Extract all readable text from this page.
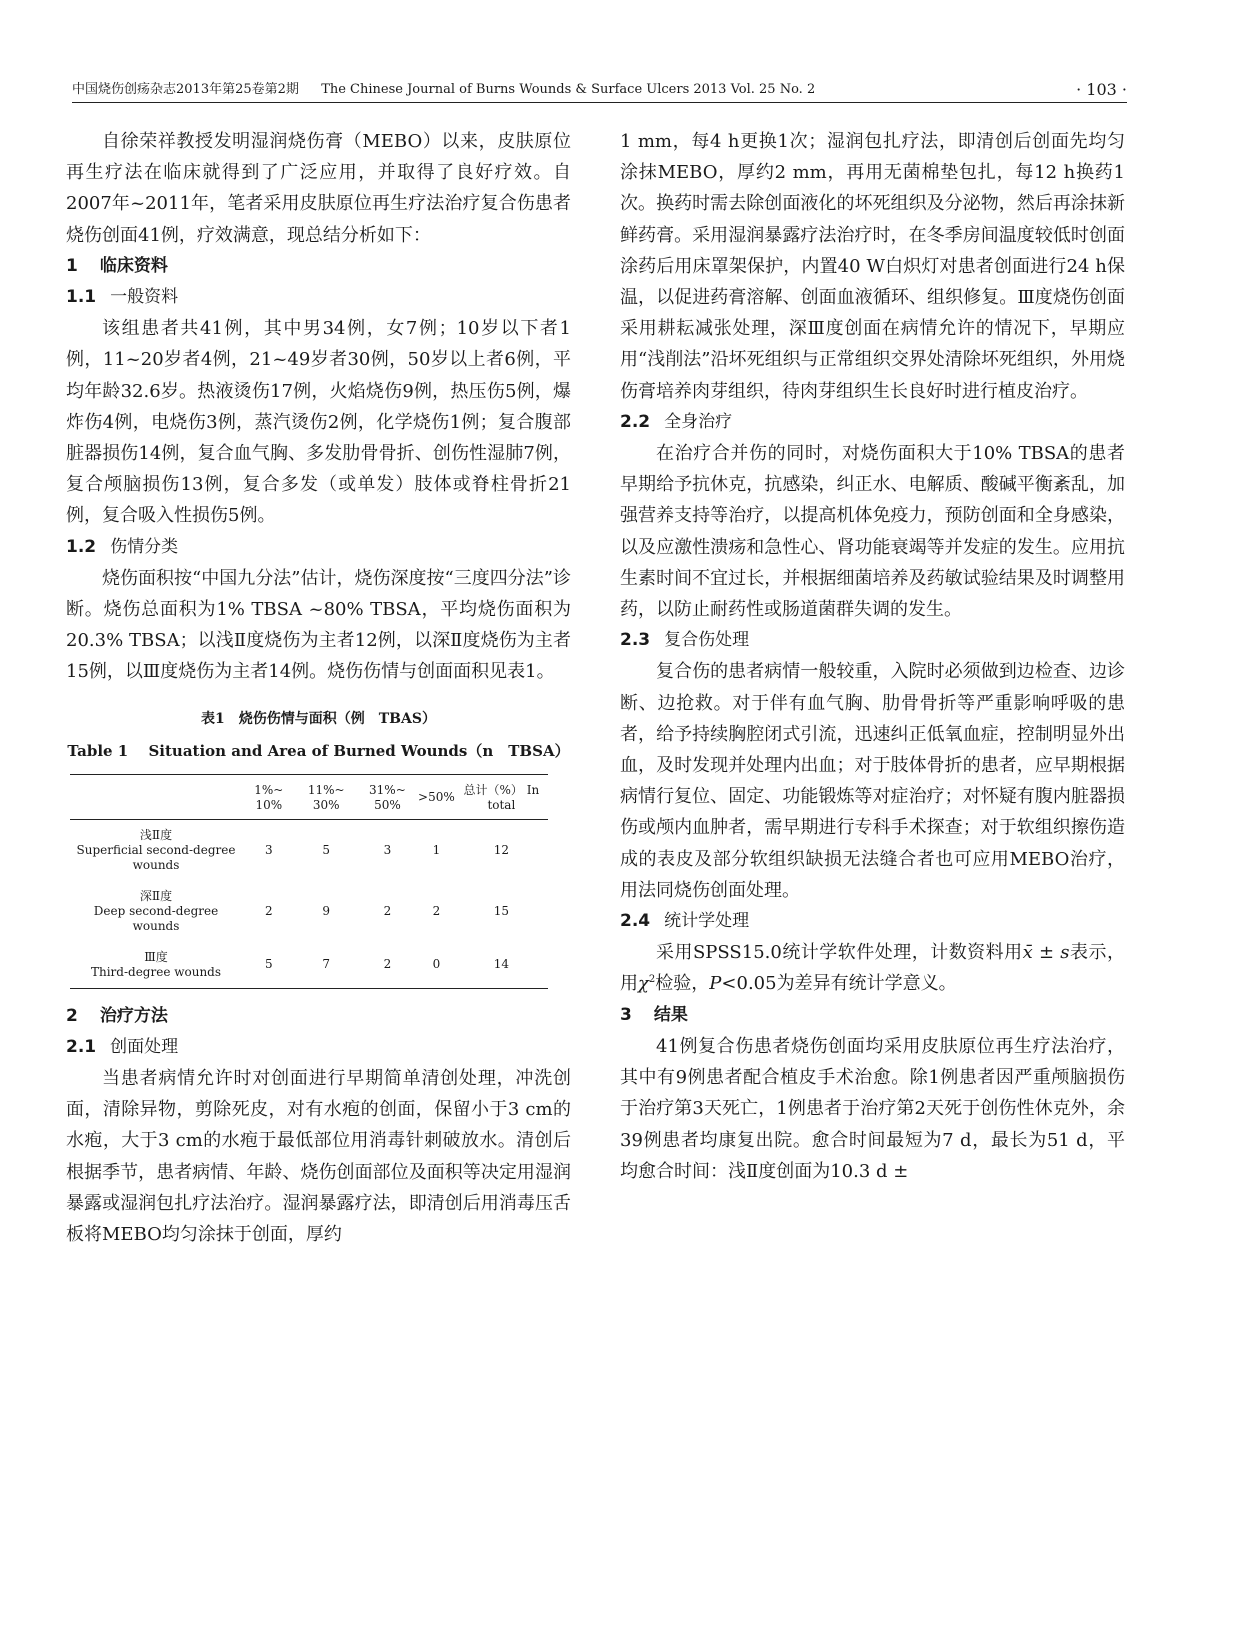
中国烧伤创疡杂志2013年第25卷第2期 The Chinese Journal of Burns Wounds & Surface Ulcers 2013 Vol. 25 No. 2	· 103 ·

自徐荣祥教授发明湿润烧伤膏（MEBO）以来，皮肤原位再生疗法在临床就得到了广泛应用，并取得了良好疗效。自2007年~2011年，笔者采用皮肤原位再生疗法治疗复合伤患者烧伤创面41例，疗效满意，现总结分析如下：

1 临床资料
1.1 一般资料

该组患者共41例，其中男34例，女7例；10岁以下者1例，11~20岁者4例，21~49岁者30例，50岁以上者6例，平均年龄32.6岁。热液烫伤17例，火焰烧伤9例，热压伤5例，爆炸伤4例，电烧伤3例，蒸汽烫伤2例，化学烧伤1例；复合腹部脏器损伤14例，复合血气胸、多发肋骨骨折、创伤性湿肺7例，复合颅脑损伤13例，复合多发（或单发）肢体或脊柱骨折21例，复合吸入性损伤5例。

1.2 伤情分类

烧伤面积按“中国九分法”估计，烧伤深度按“三度四分法”诊断。烧伤总面积为1% TBSA ~80% TBSA，平均烧伤面积为20.3% TBSA；以浅Ⅱ度烧伤为主者12例，以深Ⅱ度烧伤为主者15例，以Ⅲ度烧伤为主者14例。烧伤伤情与创面面积见表1。

表1　烧伤伤情与面积（例　TBAS）
Table 1　 Situation and Area of Burned Wounds（n　TBSA）
	1%~ 10%	11%~ 30%	31%~ 50%	>50%	总计（%） In total

浅Ⅱ度
Superficial second-degree wounds	3	5	3	1	12

深Ⅱ度
Deep second-degree wounds	2	9	2	2	15

Ⅲ度
Third-degree wounds	5	7	2	0	14
2 治疗方法
2.1 创面处理

当患者病情允许时对创面进行早期简单清创处理，冲洗创面，清除异物，剪除死皮，对有水疱的创面，保留小于3 cm的水疱，大于3 cm的水疱于最低部位用消毒针刺破放水。清创后根据季节，患者病情、年龄、烧伤创面部位及面积等决定用湿润暴露或湿润包扎疗法治疗。湿润暴露疗法，即清创后用消毒压舌板将MEBO均匀涂抹于创面，厚约

1 mm，每4 h更换1次；湿润包扎疗法，即清创后创面先均匀涂抹MEBO，厚约2 mm，再用无菌棉垫包扎，每12 h换药1次。换药时需去除创面液化的坏死组织及分泌物，然后再涂抹新鲜药膏。采用湿润暴露疗法治疗时，在冬季房间温度较低时创面涂药后用床罩架保护，内置40 W白炽灯对患者创面进行24 h保温，以促进药膏溶解、创面血液循环、组织修复。Ⅲ度烧伤创面采用耕耘减张处理，深Ⅲ度创面在病情允许的情况下，早期应用“浅削法”沿坏死组织与正常组织交界处清除坏死组织，外用烧伤膏培养肉芽组织，待肉芽组织生长良好时进行植皮治疗。

2.2 全身治疗

在治疗合并伤的同时，对烧伤面积大于10% TBSA的患者早期给予抗休克，抗感染，纠正水、电解质、酸碱平衡紊乱，加强营养支持等治疗，以提高机体免疫力，预防创面和全身感染，以及应激性溃疡和急性心、肾功能衰竭等并发症的发生。应用抗生素时间不宜过长，并根据细菌培养及药敏试验结果及时调整用药，以防止耐药性或肠道菌群失调的发生。

2.3 复合伤处理

复合伤的患者病情一般较重，入院时必须做到边检查、边诊断、边抢救。对于伴有血气胸、肋骨骨折等严重影响呼吸的患者，给予持续胸腔闭式引流，迅速纠正低氧血症，控制明显外出血，及时发现并处理内出血；对于肢体骨折的患者，应早期根据病情行复位、固定、功能锻炼等对症治疗；对怀疑有腹内脏器损伤或颅内血肿者，需早期进行专科手术探查；对于软组织擦伤造成的表皮及部分软组织缺损无法缝合者也可应用MEBO治疗，用法同烧伤创面处理。

2.4 统计学处理

采用SPSS15.0统计学软件处理，计数资料用x̄ ± s表示，用$\chi^2$检验，P<0.05为差异有统计学意义。

3 结果

41例复合伤患者烧伤创面均采用皮肤原位再生疗法治疗，其中有9例患者配合植皮手术治愈。除1例患者因严重颅脑损伤于治疗第3天死亡，1例患者于治疗第2天死于创伤性休克外，余39例患者均康复出院。愈合时间最短为7 d，最长为51 d，平均愈合时间：浅Ⅱ度创面为10.3 d ±
